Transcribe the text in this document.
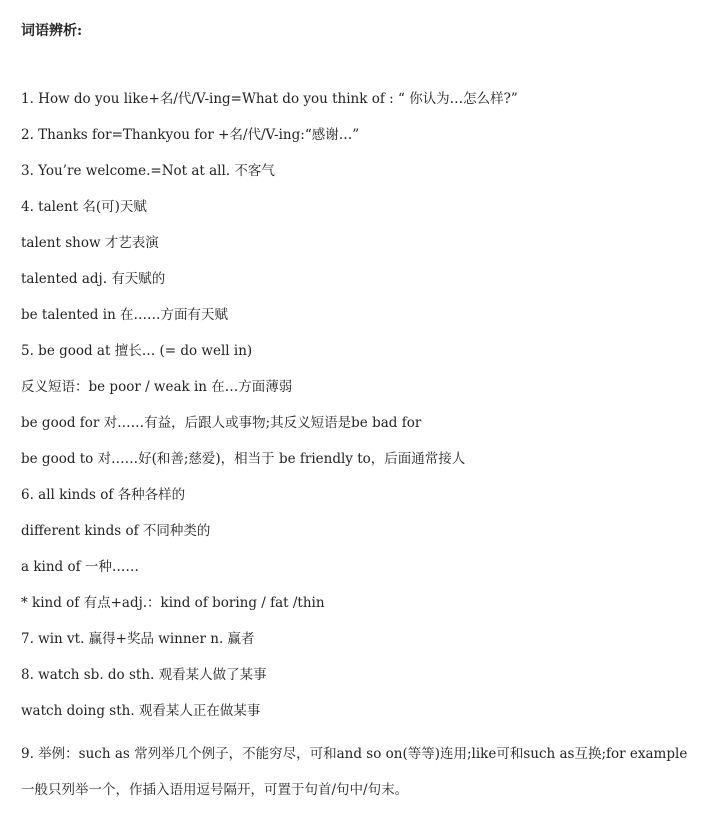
词语辨析:
1. How do you like+名/代/V-ing=What do you think of : “ 你认为…怎么样?”
2. Thanks for=Thankyou for +名/代/V-ing:“感谢…”
3. You’re welcome.=Not at all. 不客气
4. talent 名(可)天赋
talent show 才艺表演
talented adj. 有天赋的
be talented in 在……方面有天赋
5. be good at 擅长… (= do well in)
反义短语：be poor / weak in 在…方面薄弱
be good for 对……有益，后跟人或事物;其反义短语是be bad for
be good to 对……好(和善;慈爱)，相当于 be friendly to，后面通常接人
6. all kinds of 各种各样的
different kinds of 不同种类的
a kind of 一种……
* kind of 有点+adj.：kind of boring / fat /thin
7. win vt. 赢得+奖品 winner n. 赢者
8. watch sb. do sth. 观看某人做了某事
watch doing sth. 观看某人正在做某事
9. 举例：such as 常列举几个例子，不能穷尽，可和and so on(等等)连用;like可和such as互换;for example 一般只列举一个，作插入语用逗号隔开，可置于句首/句中/句末。
